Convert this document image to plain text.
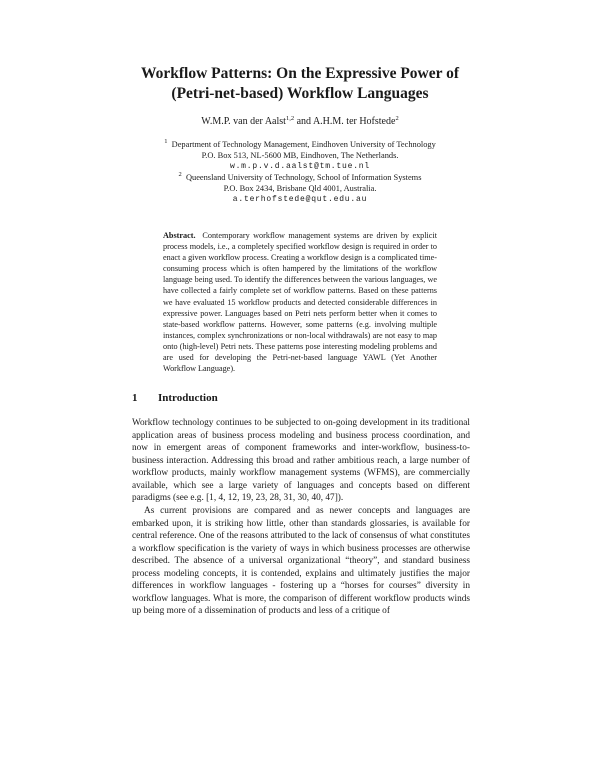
Workflow Patterns: On the Expressive Power of
(Petri-net-based) Workflow Languages
W.M.P. van der Aalst$^{1,2}$ and A.H.M. ter Hofstede$^2$
$^1$ Department of Technology Management, Eindhoven University of Technology
P.O. Box 513, NL-5600 MB, Eindhoven, The Netherlands.
w.m.p.v.d.aalst@tm.tue.nl
$^2$ Queensland University of Technology, School of Information Systems
P.O. Box 2434, Brisbane Qld 4001, Australia.
a.terhofstede@qut.edu.au
Abstract. Contemporary workflow management systems are driven by explicit process models, i.e., a completely specified workflow design is required in order to enact a given workflow process. Creating a workflow design is a complicated time-consuming process which is often hampered by the limitations of the workflow language being used. To identify the differences between the various languages, we have collected a fairly complete set of workflow patterns. Based on these patterns we have evaluated 15 workflow products and detected considerable differences in expressive power. Languages based on Petri nets perform better when it comes to state-based workflow patterns. However, some patterns (e.g. involving multiple instances, complex synchronizations or non-local withdrawals) are not easy to map onto (high-level) Petri nets. These patterns pose interesting modeling problems and are used for developing the Petri-net-based language YAWL (Yet Another Workflow Language).
1 Introduction
Workflow technology continues to be subjected to on-going development in its traditional application areas of business process modeling and business process coordination, and now in emergent areas of component frameworks and inter-workflow, business-to-business interaction. Addressing this broad and rather ambitious reach, a large number of workflow products, mainly workflow management systems (WFMS), are commercially available, which see a large variety of languages and concepts based on different paradigms (see e.g. [1, 4, 12, 19, 23, 28, 31, 30, 40, 47]).
As current provisions are compared and as newer concepts and languages are embarked upon, it is striking how little, other than standards glossaries, is available for central reference. One of the reasons attributed to the lack of consensus of what constitutes a workflow specification is the variety of ways in which business processes are otherwise described. The absence of a universal organizational “theory”, and standard business process modeling concepts, it is contended, explains and ultimately justifies the major differences in workflow languages - fostering up a “horses for courses” diversity in workflow languages. What is more, the comparison of different workflow products winds up being more of a dissemination of products and less of a critique of
